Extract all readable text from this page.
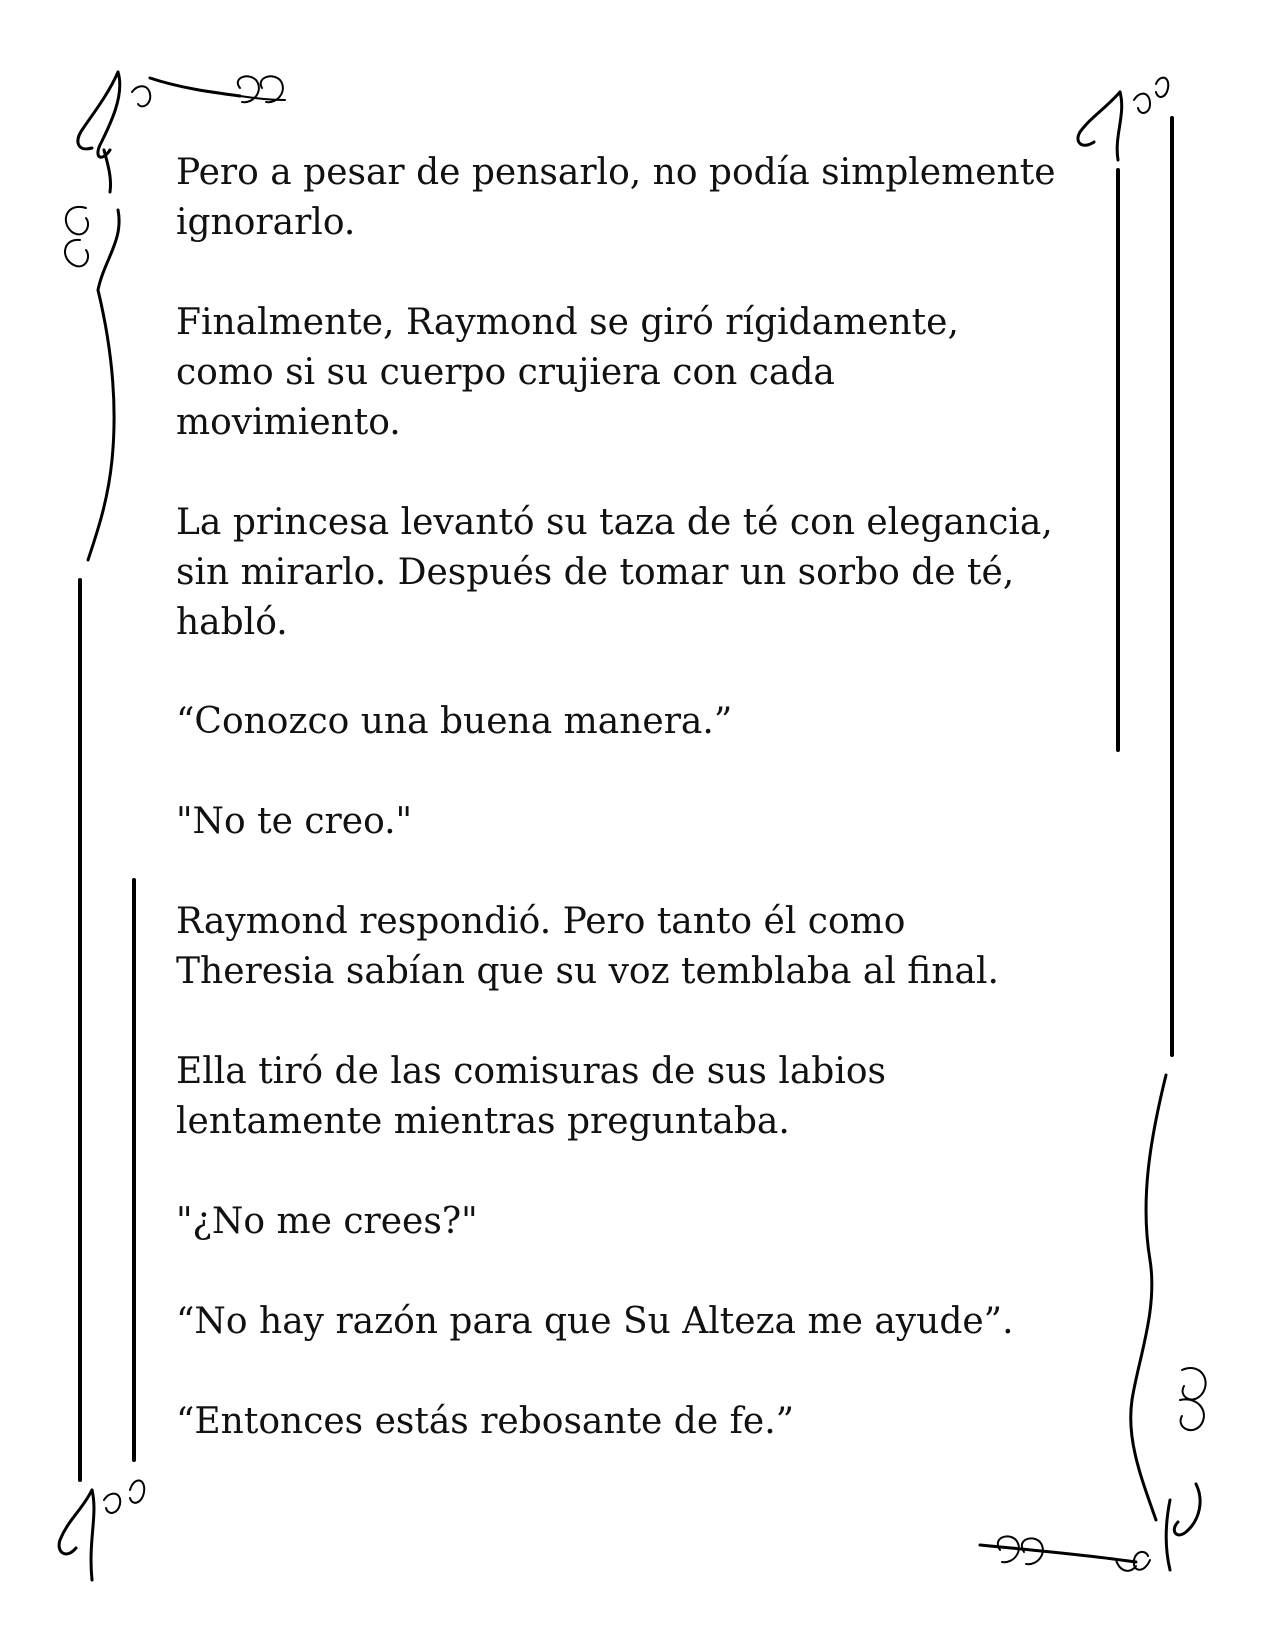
Pero a pesar de pensarlo, no podía simplemente
ignorarlo.

Finalmente, Raymond se giró rígidamente,
como si su cuerpo crujiera con cada
movimiento.

La princesa levantó su taza de té con elegancia,
sin mirarlo. Después de tomar un sorbo de té,
habló.

“Conozco una buena manera.”

"No te creo."

Raymond respondió. Pero tanto él como
Theresia sabían que su voz temblaba al final.

Ella tiró de las comisuras de sus labios
lentamente mientras preguntaba.

"¿No me crees?"

“No hay razón para que Su Alteza me ayude”.

“Entonces estás rebosante de fe.”
